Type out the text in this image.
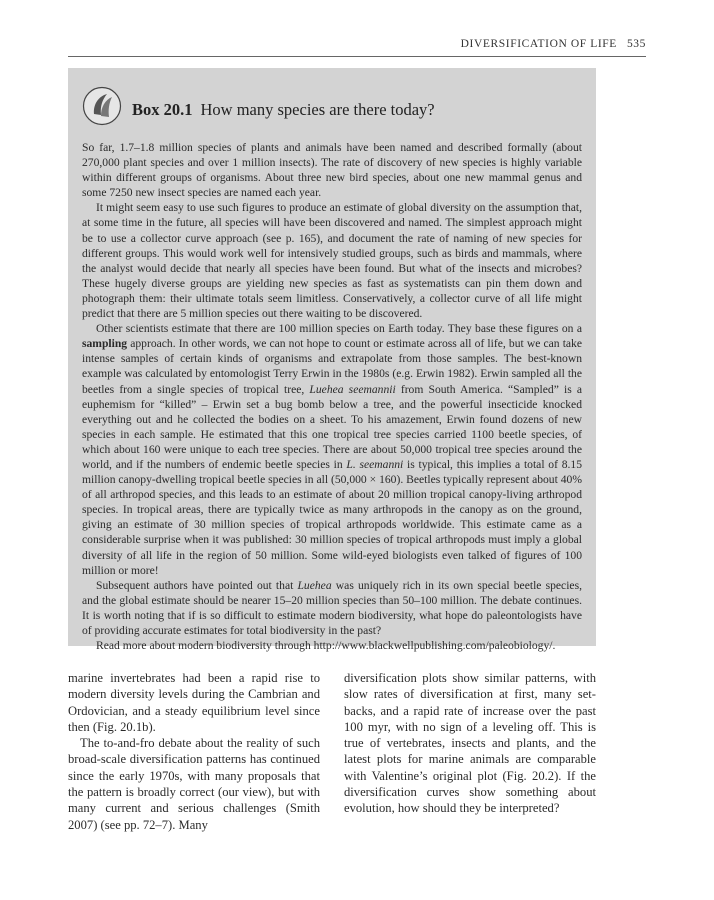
DIVERSIFICATION OF LIFE 535
Box 20.1 How many species are there today?

So far, 1.7–1.8 million species of plants and animals have been named and described formally (about 270,000 plant species and over 1 million insects). The rate of discovery of new species is highly variable within different groups of organisms. About three new bird species, about one new mammal genus and some 7250 new insect species are named each year.

It might seem easy to use such figures to produce an estimate of global diversity on the assumption that, at some time in the future, all species will have been discovered and named. The simplest approach might be to use a collector curve approach (see p. 165), and document the rate of naming of new species for different groups. This would work well for intensively studied groups, such as birds and mammals, where the analyst would decide that nearly all species have been found. But what of the insects and microbes? These hugely diverse groups are yielding new species as fast as systematists can pin them down and photograph them: their ultimate totals seem limitless. Conservatively, a collector curve of all life might predict that there are 5 million species out there waiting to be discovered.

Other scientists estimate that there are 100 million species on Earth today. They base these figures on a sampling approach. In other words, we can not hope to count or estimate across all of life, but we can take intense samples of certain kinds of organisms and extrapolate from those samples. The best-known example was calculated by entomologist Terry Erwin in the 1980s (e.g. Erwin 1982). Erwin sampled all the beetles from a single species of tropical tree, Luehea seemannii from South America. “Sampled” is a euphemism for “killed” – Erwin set a bug bomb below a tree, and the powerful insecticide knocked everything out and he collected the bodies on a sheet. To his amazement, Erwin found dozens of new species in each sample. He estimated that this one tropical tree species carried 1100 beetle species, of which about 160 were unique to each tree species. There are about 50,000 tropical tree species around the world, and if the numbers of endemic beetle species in L. seemanni is typical, this implies a total of 8.15 million canopy-dwelling tropical beetle species in all (50,000 × 160). Beetles typically represent about 40% of all arthropod species, and this leads to an estimate of about 20 million tropical canopy-living arthropod species. In tropical areas, there are typically twice as many arthropods in the canopy as on the ground, giving an estimate of 30 million species of tropical arthropods worldwide. This estimate came as a considerable surprise when it was published: 30 million species of tropical arthropods must imply a global diversity of all life in the region of 50 million. Some wild-eyed biologists even talked of figures of 100 million or more!

Subsequent authors have pointed out that Luehea was uniquely rich in its own special beetle species, and the global estimate should be nearer 15–20 million species than 50–100 million. The debate continues. It is worth noting that if is so difficult to estimate modern biodiversity, what hope do paleontologists have of providing accurate estimates for total biodiversity in the past?

Read more about modern biodiversity through http://www.blackwellpublishing.com/paleobiology/.

marine invertebrates had been a rapid rise to modern diversity levels during the Cambrian and Ordovician, and a steady equilibrium level since then (Fig. 20.1b).

The to-and-fro debate about the reality of such broad-scale diversification patterns has continued since the early 1970s, with many proposals that the pattern is broadly correct (our view), but with many current and serious challenges (Smith 2007) (see pp. 72–7). Many

diversification plots show similar patterns, with slow rates of diversification at first, many set-backs, and a rapid rate of increase over the past 100 myr, with no sign of a leveling off. This is true of vertebrates, insects and plants, and the latest plots for marine animals are comparable with Valentine’s original plot (Fig. 20.2). If the diversification curves show something about evolution, how should they be interpreted?
